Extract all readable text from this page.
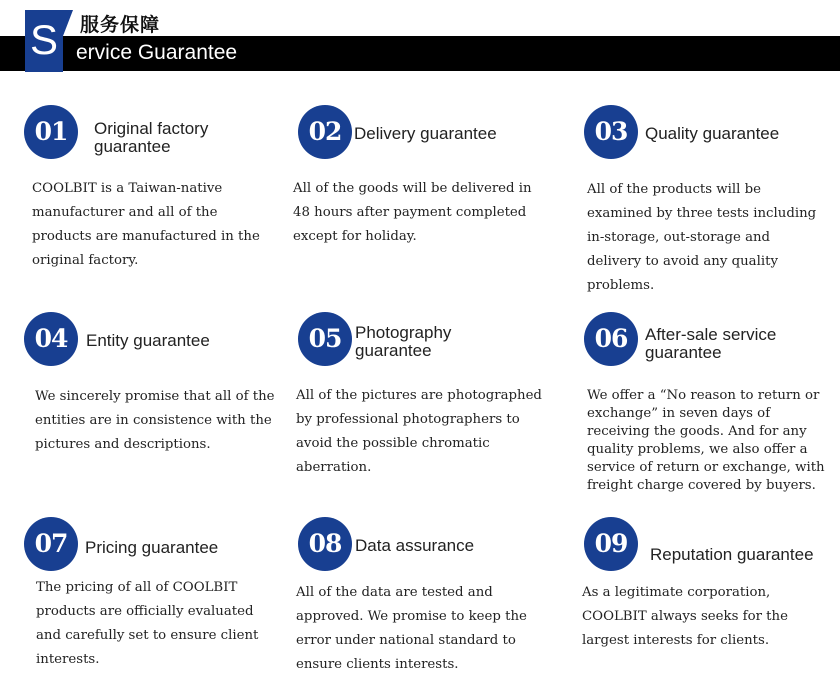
S 服务保障
ervice Guarantee
01	Original factory guarantee
COOLBIT is a Taiwan-native manufacturer and all of the products are manufactured in the original factory.
02 Delivery guarantee
All of the goods will be delivered in 48 hours after payment completed except for holiday.
03	Quality guarantee
All of the products will be examined by three tests including in-storage, out-storage and delivery to avoid any quality problems.
04	Entity guarantee
We sincerely promise that all of the entities are in consistence with the pictures and descriptions.
05 Photography guarantee
All of the pictures are photographed by professional photographers to avoid the possible chromatic aberration.
06	After-sale service guarantee
We offer a “No reason to return or exchange” in seven days of receiving the goods. And for any quality problems, we also offer a service of return or exchange, with freight charge covered by buyers.
07	Pricing guarantee
The pricing of all of COOLBIT products are officially evaluated and carefully set to ensure client interests.
08 Data assurance
All of the data are tested and approved. We promise to keep the error under national standard to ensure clients interests.
09	Reputation guarantee
As a legitimate corporation, COOLBIT always seeks for the largest interests for clients.
